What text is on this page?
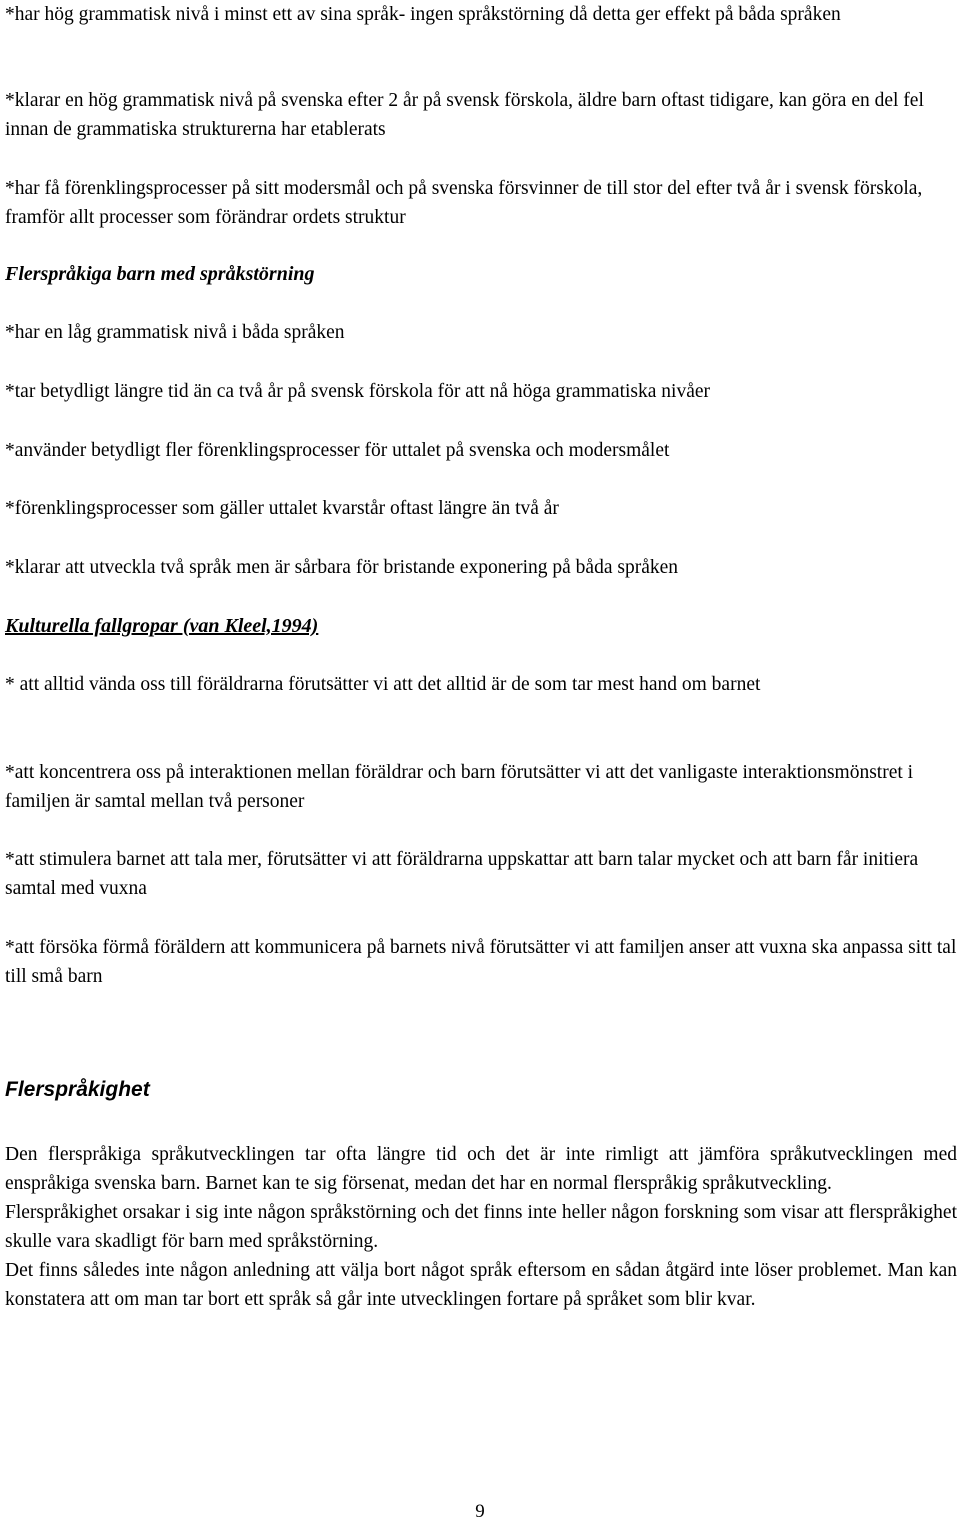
*har hög grammatisk nivå i minst ett av sina språk- ingen språkstörning då detta ger effekt på båda språken

*klarar en hög grammatisk nivå på svenska efter 2 år på svensk förskola, äldre barn oftast tidigare, kan göra en del fel innan de grammatiska strukturerna har etablerats

*har få förenklingsprocesser på sitt modersmål och på svenska försvinner de till stor del efter två år i svensk förskola, framför allt processer som förändrar ordets struktur

Flerspråkiga barn med språkstörning

*har en låg grammatisk nivå i båda språken

*tar betydligt längre tid än ca två år på svensk förskola för att nå höga grammatiska nivåer

*använder betydligt fler förenklingsprocesser för uttalet på svenska och modersmålet

*förenklingsprocesser som gäller uttalet kvarstår oftast längre än två år

*klarar att utveckla två språk men är sårbara för bristande exponering på båda språken

Kulturella fallgropar (van Kleel,1994)

* att alltid vända oss till föräldrarna förutsätter vi att det alltid är de som tar mest hand om barnet

*att koncentrera oss på interaktionen mellan föräldrar och barn förutsätter vi att det vanligaste interaktionsmönstret i familjen är samtal mellan två personer

*att stimulera barnet att tala mer, förutsätter vi att föräldrarna uppskattar att barn talar mycket och att barn får initiera samtal med vuxna

*att försöka förmå föräldern att kommunicera på barnets nivå förutsätter vi att familjen anser att vuxna ska anpassa sitt tal till små barn

Flerspråkighet

Den flerspråkiga språkutvecklingen tar ofta längre tid och det är inte rimligt att jämföra språkutvecklingen med enspråkiga svenska barn. Barnet kan te sig försenat, medan det har en normal flerspråkig språkutveckling.

Flerspråkighet orsakar i sig inte någon språkstörning och det finns inte heller någon forskning som visar att flerspråkighet skulle vara skadligt för barn med språkstörning.

Det finns således inte någon anledning att välja bort något språk eftersom en sådan åtgärd inte löser problemet. Man kan konstatera att om man tar bort ett språk så går inte utvecklingen fortare på språket som blir kvar.

9
